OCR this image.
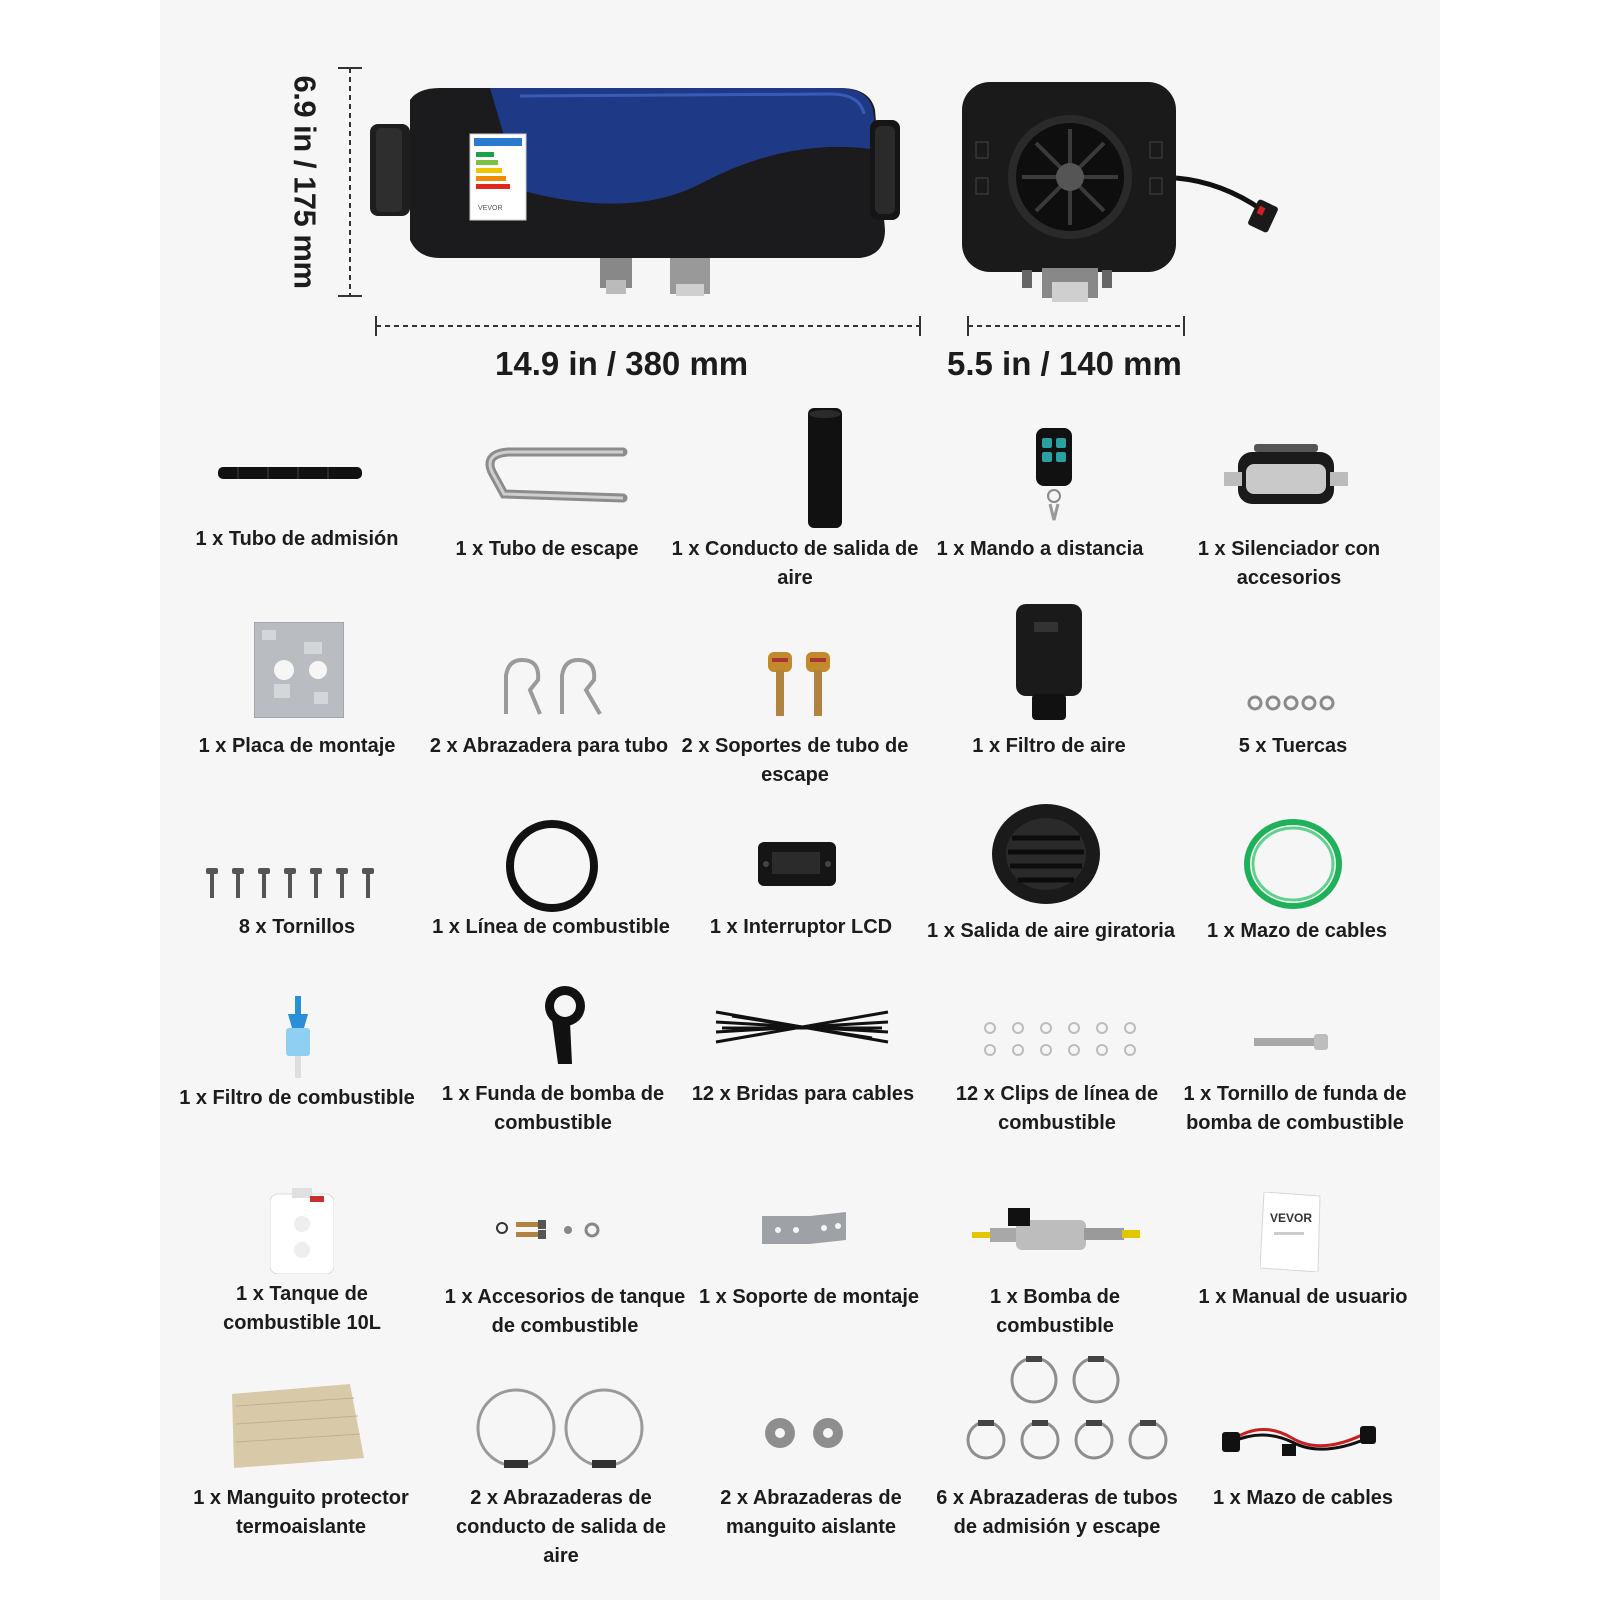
VEVOR
6.9 in / 175 mm
14.9 in / 380 mm	5.5 in / 140 mm
1 x Tubo de admisión	1 x Tubo de escape	1 x Conducto de salida de aire
1 x Mando a distancia	1 x Silenciador con accesorios
1 x Placa de montaje	2 x Abrazadera para tubo 2 x Soportes de tubo de escape
1 x Filtro de aire	5 x Tuercas
8 x Tornillos	1 x Línea de combustible	1 x Interruptor LCD	1 x Salida de aire giratoria	1 x Mazo de cables
1 x Filtro de combustible	1 x Funda de bomba de combustible
12 x Bridas para cables	12 x Clips de línea de combustible
1 x Tornillo de funda de bomba de combustible
VEVOR
1 x Tanque de combustible 10L
1 x Accesorios de tanque de combustible
1 x Soporte de montaje	1 x Bomba de combustible
1 x Manual de usuario
1 x Manguito protector termoaislante
2 x Abrazaderas de conducto de salida de aire
2 x Abrazaderas de manguito aislante
6 x Abrazaderas de tubos de admisión y escape
1 x Mazo de cables
